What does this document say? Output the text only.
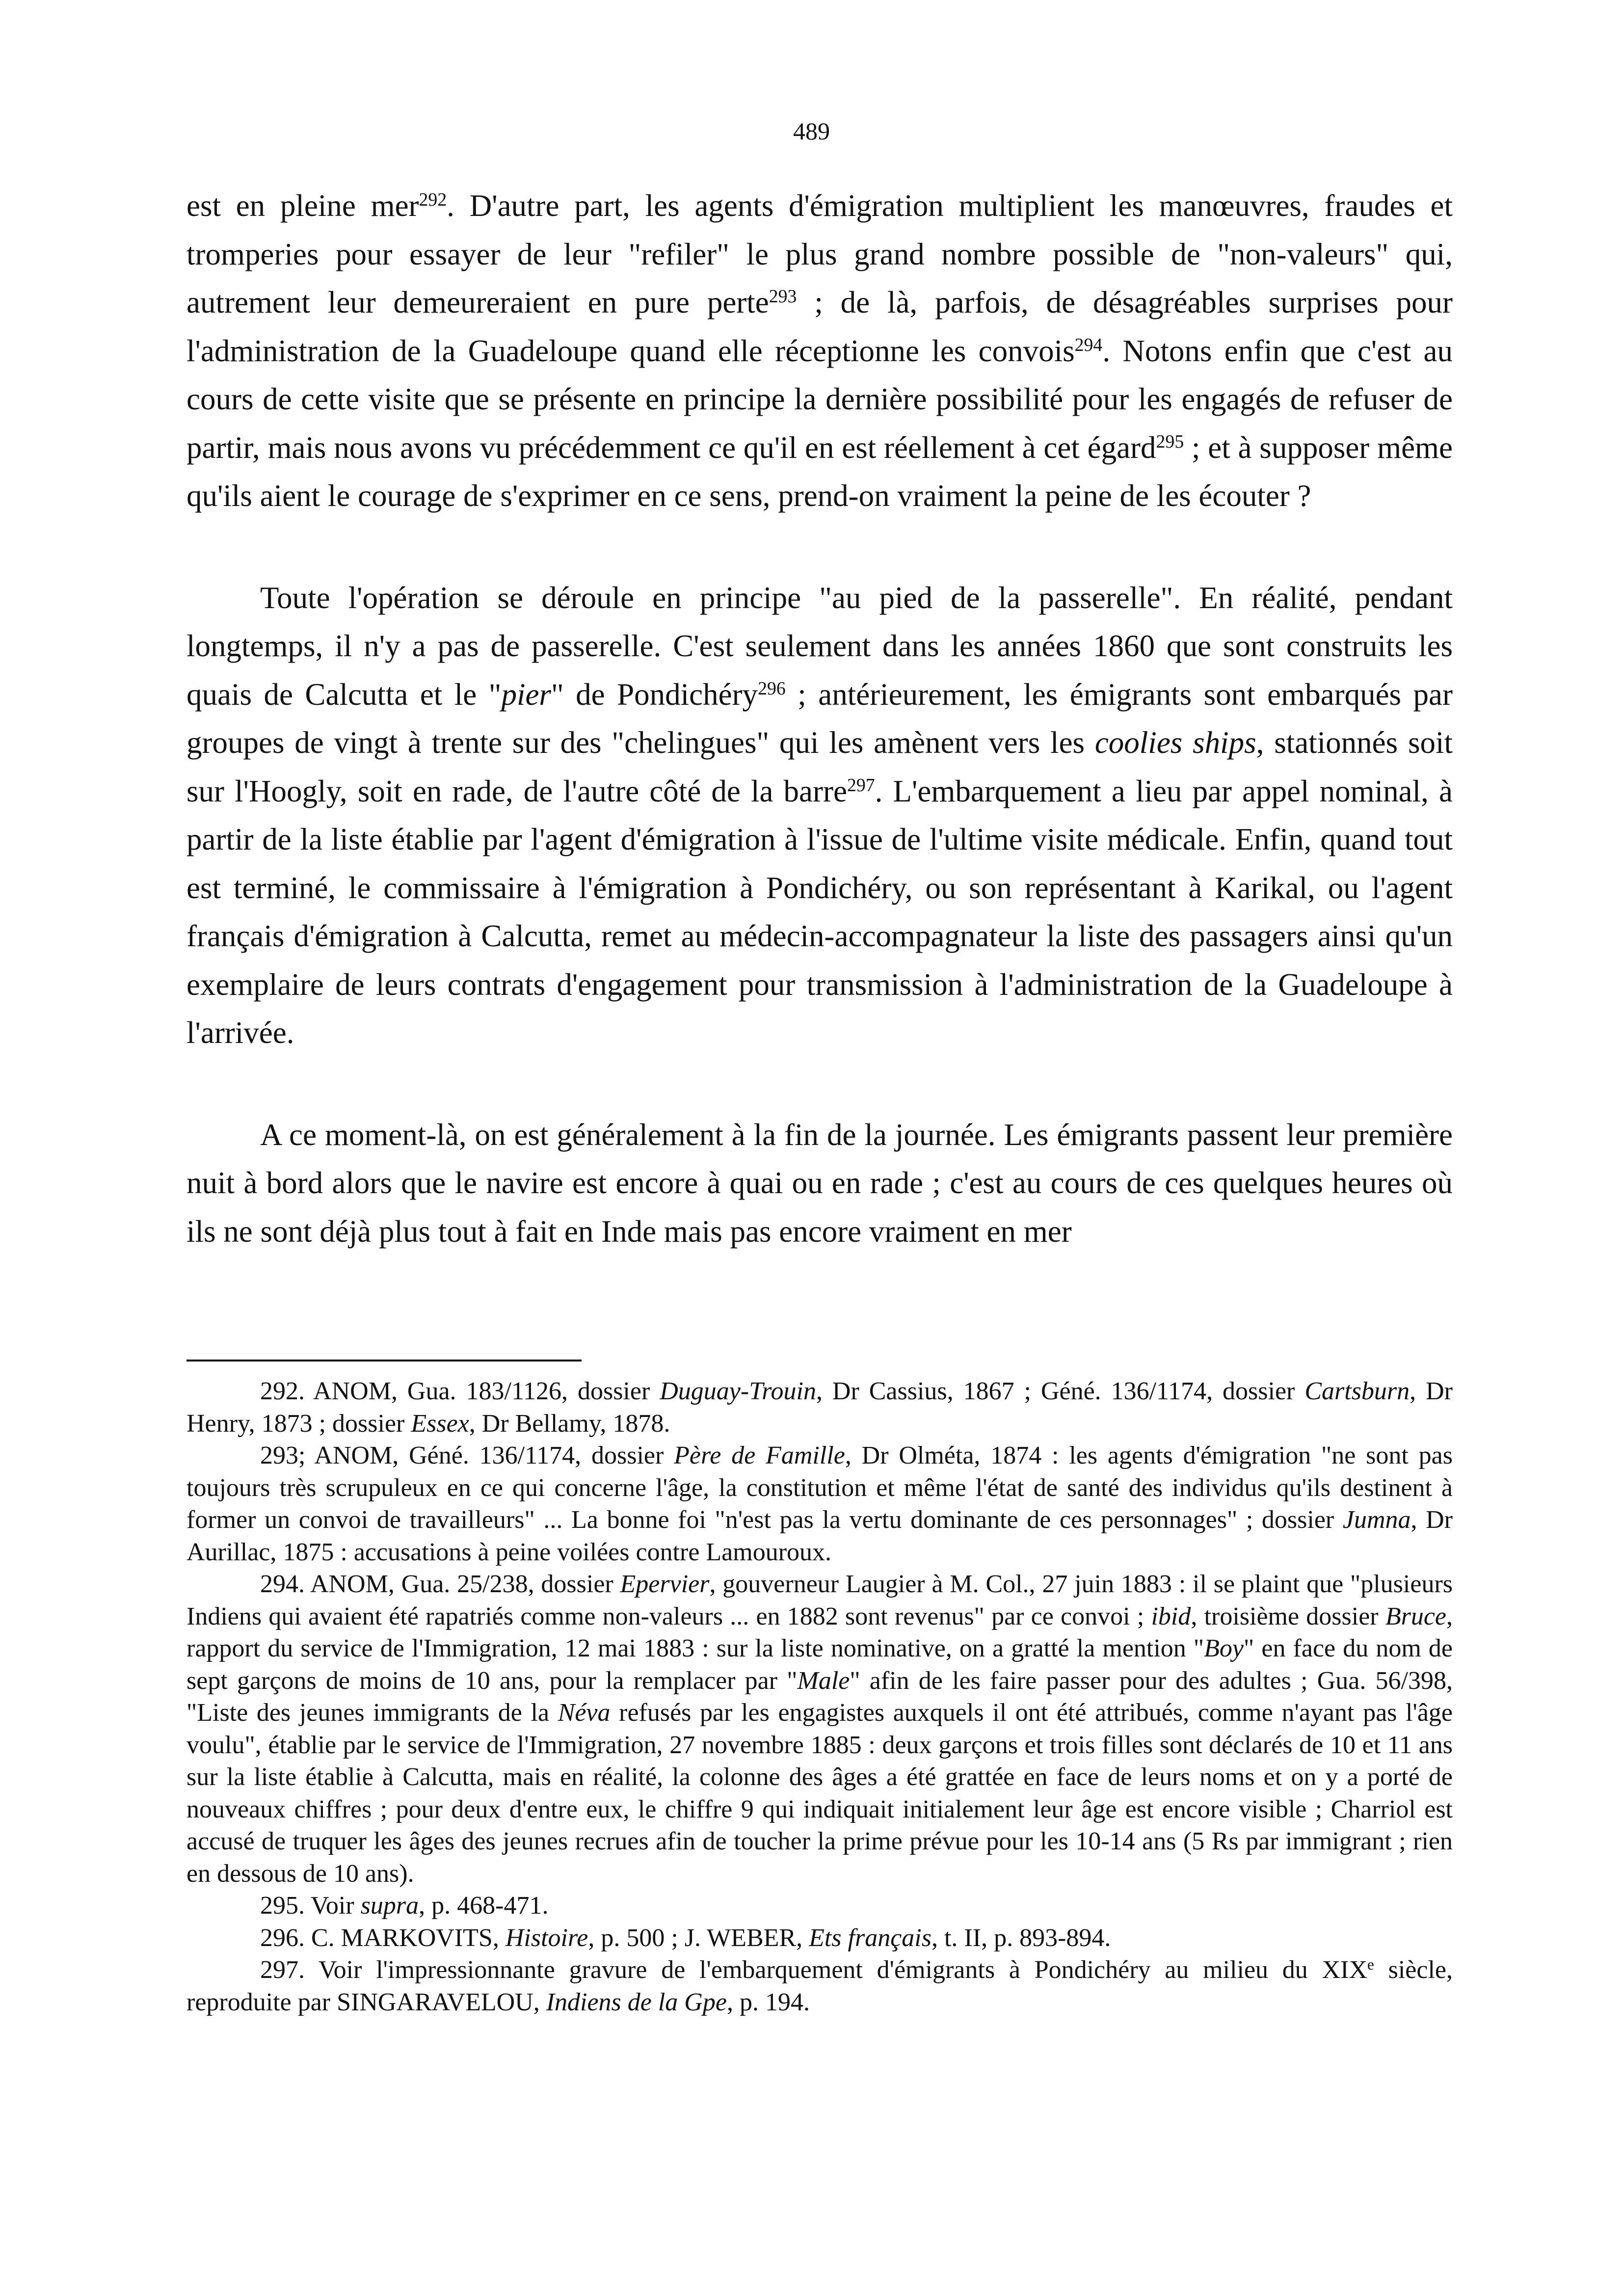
489

est en pleine mer$^{292}$. D'autre part, les agents d'émigration multiplient les manœuvres, fraudes et tromperies pour essayer de leur "refiler" le plus grand nombre possible de "non-valeurs" qui, autrement leur demeureraient en pure perte$^{293}$ ; de là, parfois, de désagréables surprises pour l'administration de la Guadeloupe quand elle réceptionne les convois$^{294}$. Notons enfin que c'est au cours de cette visite que se présente en principe la dernière possibilité pour les engagés de refuser de partir, mais nous avons vu précédemment ce qu'il en est réellement à cet égard$^{295}$ ; et à supposer même qu'ils aient le courage de s'exprimer en ce sens, prend-on vraiment la peine de les écouter ?

Toute l'opération se déroule en principe "au pied de la passerelle". En réalité, pendant longtemps, il n'y a pas de passerelle. C'est seulement dans les années 1860 que sont construits les quais de Calcutta et le "pier" de Pondichéry$^{296}$ ; antérieurement, les émigrants sont embarqués par groupes de vingt à trente sur des "chelingues" qui les amènent vers les coolies ships, stationnés soit sur l'Hoogly, soit en rade, de l'autre côté de la barre$^{297}$. L'embarquement a lieu par appel nominal, à partir de la liste établie par l'agent d'émigration à l'issue de l'ultime visite médicale. Enfin, quand tout est terminé, le commissaire à l'émigration à Pondichéry, ou son représentant à Karikal, ou l'agent français d'émigration à Calcutta, remet au médecin-accompagnateur la liste des passagers ainsi qu'un exemplaire de leurs contrats d'engagement pour transmission à l'administration de la Guadeloupe à l'arrivée.

A ce moment-là, on est généralement à la fin de la journée. Les émigrants passent leur première nuit à bord alors que le navire est encore à quai ou en rade ; c'est au cours de ces quelques heures où ils ne sont déjà plus tout à fait en Inde mais pas encore vraiment en mer

292. ANOM, Gua. 183/1126, dossier Duguay-Trouin, Dr Cassius, 1867 ; Géné. 136/1174, dossier Cartsburn, Dr Henry, 1873 ; dossier Essex, Dr Bellamy, 1878.

293; ANOM, Géné. 136/1174, dossier Père de Famille, Dr Olméta, 1874 : les agents d'émigration "ne sont pas toujours très scrupuleux en ce qui concerne l'âge, la constitution et même l'état de santé des individus qu'ils destinent à former un convoi de travailleurs" ... La bonne foi "n'est pas la vertu dominante de ces personnages" ; dossier Jumna, Dr Aurillac, 1875 : accusations à peine voilées contre Lamouroux.

294. ANOM, Gua. 25/238, dossier Epervier, gouverneur Laugier à M. Col., 27 juin 1883 : il se plaint que "plusieurs Indiens qui avaient été rapatriés comme non-valeurs ... en 1882 sont revenus" par ce convoi ; ibid, troisième dossier Bruce, rapport du service de l'Immigration, 12 mai 1883 : sur la liste nominative, on a gratté la mention "Boy" en face du nom de sept garçons de moins de 10 ans, pour la remplacer par "Male" afin de les faire passer pour des adultes ; Gua. 56/398, "Liste des jeunes immigrants de la Néva refusés par les engagistes auxquels il ont été attribués, comme n'ayant pas l'âge voulu", établie par le service de l'Immigration, 27 novembre 1885 : deux garçons et trois filles sont déclarés de 10 et 11 ans sur la liste établie à Calcutta, mais en réalité, la colonne des âges a été grattée en face de leurs noms et on y a porté de nouveaux chiffres ; pour deux d'entre eux, le chiffre 9 qui indiquait initialement leur âge est encore visible ; Charriol est accusé de truquer les âges des jeunes recrues afin de toucher la prime prévue pour les 10-14 ans (5 Rs par immigrant ; rien en dessous de 10 ans).

295. Voir supra, p. 468-471.

296. C. MARKOVITS, Histoire, p. 500 ; J. WEBER, Ets français, t. II, p. 893-894.

297. Voir l'impressionnante gravure de l'embarquement d'émigrants à Pondichéry au milieu du XIXe siècle, reproduite par SINGARAVELOU, Indiens de la Gpe, p. 194.
